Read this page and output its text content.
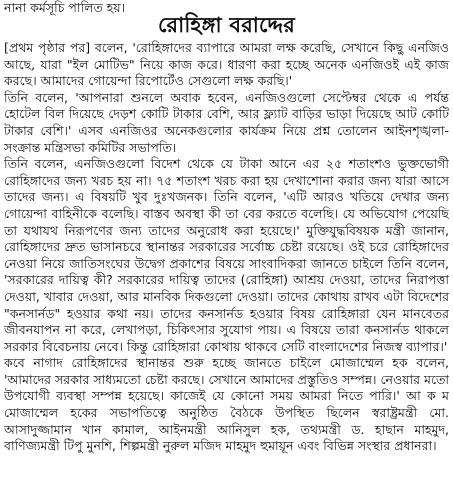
নানা কর্মসূচি পালিত হয়।
রোহিঙ্গা বরাদ্দের

[প্রথম পৃষ্ঠার পর] বলেন, 'রোহিঙ্গাদের ব্যাপারে আমরা লক্ষ করেছি, সেখানে কিছু এনজিও আছে, যারা "ইল মোটিভ" নিয়ে কাজ করে। ধারণা করা হচ্ছে অনেক এনজিওই এই কাজ করছে। আমাদের গোয়েন্দা রিপোর্টেও সেগুলো লক্ষ করছি।'

তিনি বলেন, 'আপনারা শুনলে অবাক হবেন, এনজিওগুলো সেপ্টেম্বর থেকে এ পর্যন্ত হোটেল বিল দিয়েছে দেড়শ কোটি টাকার বেশি, আর ফ্ল্যাট বাড়ির ভাড়া দিয়েছে আট কোটি টাকার বেশি।' এসব এনজিওর অনেকগুলোর কার্যক্রম নিয়ে প্রশ্ন তোলেন আইনশৃঙ্খলা-সংক্রান্ত মন্ত্রিসভা কমিটির সভাপতি।

তিনি বলেন, এনজিওগুলো বিদেশ থেকে যে টাকা আনে এর ২৫ শতাংশও ভুক্তভোগী রোহিঙ্গাদের জন্য খরচ হয় না। ৭৫ শতাংশ খরচ করা হয় দেখাশোনা করার জন্য যারা আসে তাদের জন্য। এ বিষয়টি খুব দুঃখজনক। তিনি বলেন, 'এটি আরও খতিয়ে দেখার জন্য গোয়েন্দা বাহিনীকে বলেছি। বাস্তব অবস্থা কী তা বের করতে বলেছি। যে অভিযোগ পেয়েছি তা যথাযথ নিরূপণের জন্য তাদের অনুরোধ করা হয়েছে।' মুক্তিযুদ্ধবিষয়ক মন্ত্রী জানান, রোহিঙ্গাদের দ্রুত ভাসানচরে স্থানান্তর সরকারের সর্বোচ্চ চেষ্টা রয়েছে। ওই চরে রোহিঙ্গাদের নেওয়া নিয়ে জাতিসংঘের উদ্বেগ প্রকাশের বিষয়ে সাংবাদিকরা জানতে চাইলে তিনি বলেন, 'সরকারের দায়িত্ব কী? সরকারের দায়িত্ব তাদের (রোহিঙ্গা) আশ্রয় দেওয়া, তাদের নিরাপত্তা দেওয়া, খাবার দেওয়া, আর মানবিক দিকগুলো দেওয়া। তাদের কোথায় রাখব এটা বিদেশের "কনসার্নড" হওয়ার কথা নয়। তাদের কনসার্নড হওয়ার বিষয় রোহিঙ্গারা যেন মানবেতর জীবনযাপন না করে, লেখাপড়া, চিকিৎসার সুযোগ পায়। এ বিষয়ে তারা কনসার্নড থাকলে সরকার বিবেচনায় নেবে। কিন্তু রোহিঙ্গারা কোথায় থাকবে সেটি বাংলাদেশের নিজস্ব ব্যাপার।'

কবে নাগাদ রোহিঙ্গাদের স্থানান্তর শুরু হচ্ছে জানতে চাইলে মোজাম্মেল হক বলেন, 'আমাদের সরকার সাধ্যমতো চেষ্টা করছে। সেখানে আমাদের প্রস্তুতিও সম্পন্ন। নেওয়ার মতো উপযোগী ব্যবস্থা সম্পন্ন হয়েছে। কাজেই যে কোনো সময় আমরা নিতে পারি।' আ ক ম মোজাম্মেল হকের সভাপতিত্বে অনুষ্ঠিত বৈঠকে উপস্থিত ছিলেন স্বরাষ্ট্রমন্ত্রী মো. আসাদুজ্জামান খান কামাল, আইনমন্ত্রী আনিসুল হক, তথ্যমন্ত্রী ড. হাছান মাহমুদ, বাণিজ্যমন্ত্রী টিপু মুনশি, শিল্পমন্ত্রী নুরুল মজিদ মাহমুদ হুমায়ূন এবং বিভিন্ন সংস্থার প্রধানরা।
